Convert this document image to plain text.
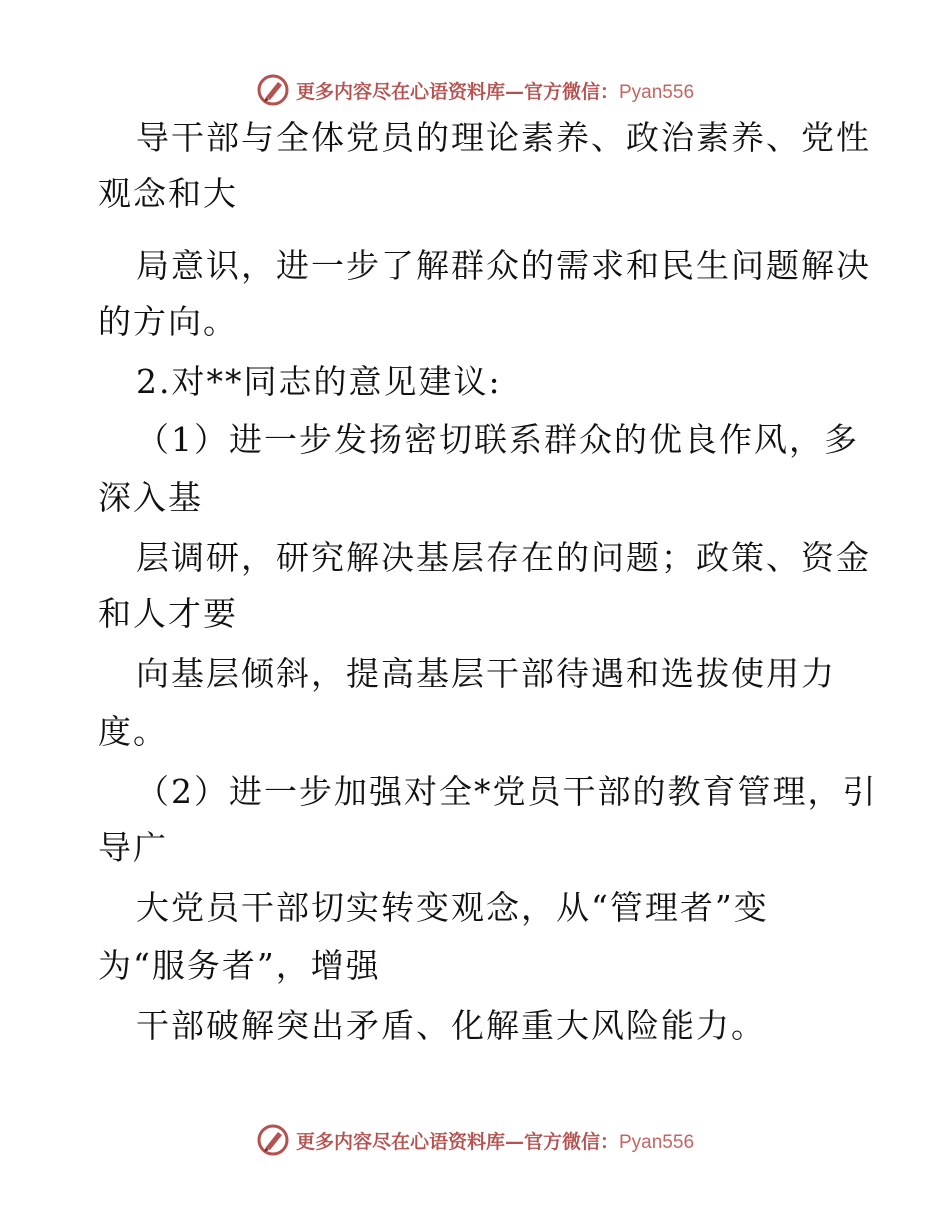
更多内容尽在心语资料库—官方微信：Pyan556
导干部与全体党员的理论素养、政治素养、党性
观念和大
局意识，进一步了解群众的需求和民生问题解决
的方向。
2.对**同志的意见建议:
（1）进一步发扬密切联系群众的优良作风，多
深入基
层调研，研究解决基层存在的问题；政策、资金
和人才要
向基层倾斜，提高基层干部待遇和选拔使用力
度。
（2）进一步加强对全*党员干部的教育管理，引
导广
大党员干部切实转变观念，从“管理者”变
为“服务者”，增强
干部破解突出矛盾、化解重大风险能力。
更多内容尽在心语资料库—官方微信：Pyan556
